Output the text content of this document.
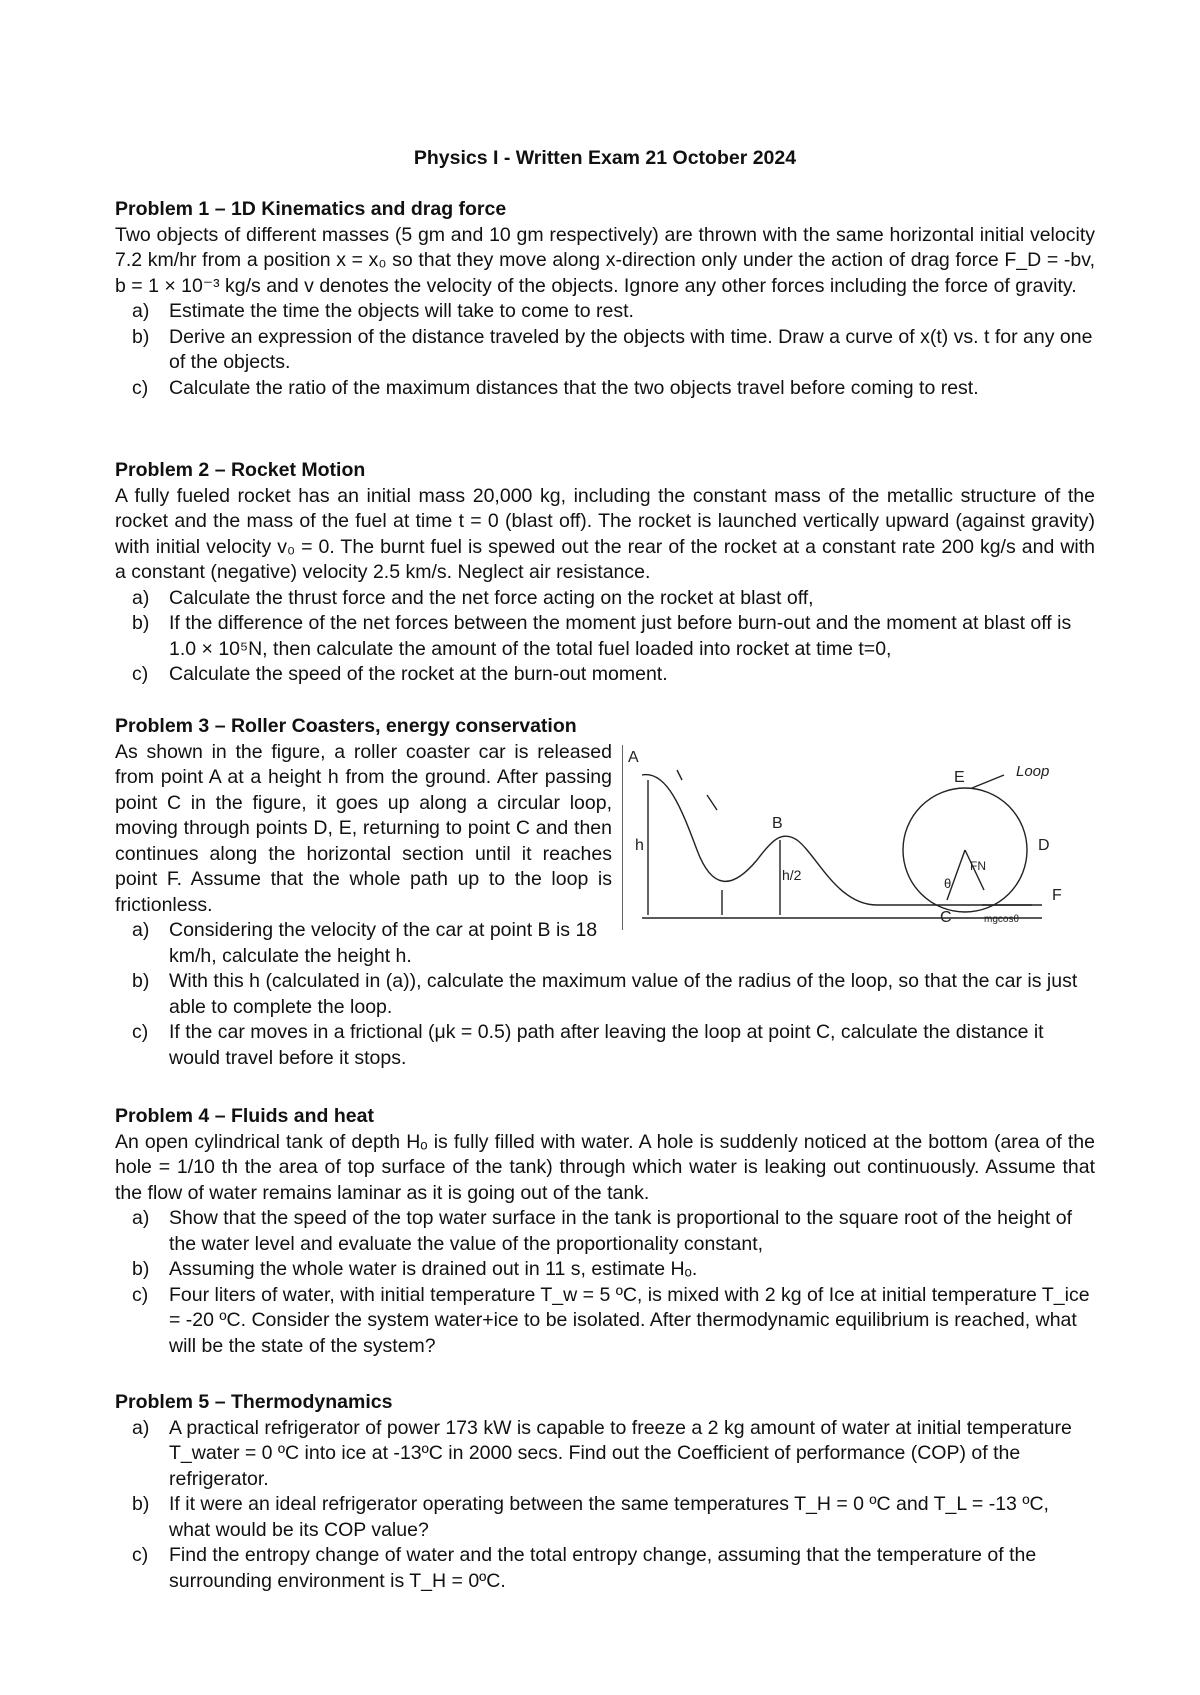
Physics I - Written Exam 21 October 2024
Problem 1 – 1D Kinematics and drag force
Two objects of different masses (5 gm and 10 gm respectively) are thrown with the same horizontal initial velocity 7.2 km/hr from a position x = x₀ so that they move along x-direction only under the action of drag force F_D = -bv, b = 1 × 10⁻³ kg/s and v denotes the velocity of the objects. Ignore any other forces including the force of gravity.
a) Estimate the time the objects will take to come to rest.
b) Derive an expression of the distance traveled by the objects with time. Draw a curve of x(t) vs. t for any one of the objects.
c) Calculate the ratio of the maximum distances that the two objects travel before coming to rest.
Problem 2 – Rocket Motion
A fully fueled rocket has an initial mass 20,000 kg, including the constant mass of the metallic structure of the rocket and the mass of the fuel at time t = 0 (blast off). The rocket is launched vertically upward (against gravity) with initial velocity v₀ = 0. The burnt fuel is spewed out the rear of the rocket at a constant rate 200 kg/s and with a constant (negative) velocity 2.5 km/s. Neglect air resistance.
a) Calculate the thrust force and the net force acting on the rocket at blast off,
b) If the difference of the net forces between the moment just before burn-out and the moment at blast off is 1.0 × 10⁵N, then calculate the amount of the total fuel loaded into rocket at time t=0,
c) Calculate the speed of the rocket at the burn-out moment.
Problem 3 – Roller Coasters, energy conservation
As shown in the figure, a roller coaster car is released from point A at a height h from the ground. After passing point C in the figure, it goes up along a circular loop, moving through points D, E, returning to point C and then continues along the horizontal section until it reaches point F. Assume that the whole path up to the loop is frictionless.
A
B
C
D
E
F
h
h/2
Loop
θ
FN
mgcosθ
a) Considering the velocity of the car at point B is 18 km/h, calculate the height h.
b) With this h (calculated in (a)), calculate the maximum value of the radius of the loop, so that the car is just able to complete the loop.
c) If the car moves in a frictional (μk = 0.5) path after leaving the loop at point C, calculate the distance it would travel before it stops.
Problem 4 – Fluids and heat
An open cylindrical tank of depth Hₒ is fully filled with water. A hole is suddenly noticed at the bottom (area of the hole = 1/10 th the area of top surface of the tank) through which water is leaking out continuously. Assume that the flow of water remains laminar as it is going out of the tank.
a) Show that the speed of the top water surface in the tank is proportional to the square root of the height of the water level and evaluate the value of the proportionality constant,
b) Assuming the whole water is drained out in 11 s, estimate Hₒ.
c) Four liters of water, with initial temperature T_w = 5 ºC, is mixed with 2 kg of Ice at initial temperature T_ice = -20 ºC. Consider the system water+ice to be isolated. After thermodynamic equilibrium is reached, what will be the state of the system?
Problem 5 – Thermodynamics
a) A practical refrigerator of power 173 kW is capable to freeze a 2 kg amount of water at initial temperature T_water = 0 ºC into ice at -13ºC in 2000 secs. Find out the Coefficient of performance (COP) of the refrigerator.
b) If it were an ideal refrigerator operating between the same temperatures T_H = 0 ºC and T_L = -13 ºC, what would be its COP value?
c) Find the entropy change of water and the total entropy change, assuming that the temperature of the surrounding environment is T_H = 0ºC.
